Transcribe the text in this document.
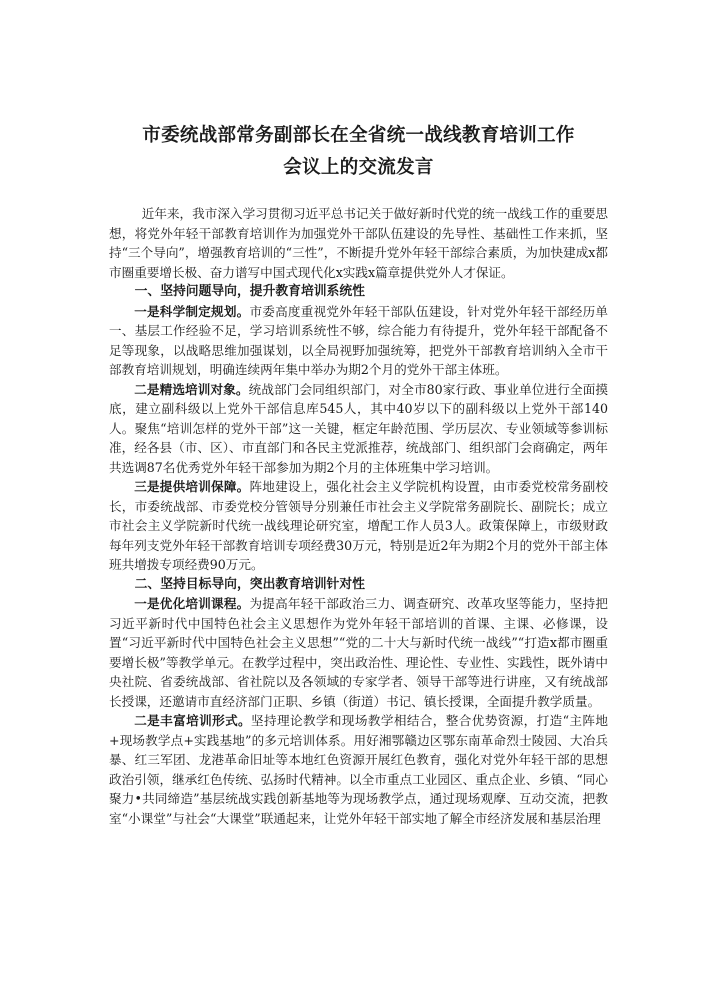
市委统战部常务副部长在全省统一战线教育培训工作
会议上的交流发言

近年来，我市深入学习贯彻习近平总书记关于做好新时代党的统一战线工作的重要思想，将党外年轻干部教育培训作为加强党外干部队伍建设的先导性、基础性工作来抓，坚持“三个导向”，增强教育培训的“三性”，不断提升党外年轻干部综合素质，为加快建成x都市圈重要增长极、奋力谱写中国式现代化x实践x篇章提供党外人才保证。

一、坚持问题导向，提升教育培训系统性

一是科学制定规划。市委高度重视党外年轻干部队伍建设，针对党外年轻干部经历单一、基层工作经验不足，学习培训系统性不够，综合能力有待提升，党外年轻干部配备不足等现象，以战略思维加强谋划，以全局视野加强统筹，把党外干部教育培训纳入全市干部教育培训规划，明确连续两年集中举办为期2个月的党外干部主体班。

二是精选培训对象。统战部门会同组织部门，对全市80家行政、事业单位进行全面摸底，建立副科级以上党外干部信息库545人，其中40岁以下的副科级以上党外干部140人。聚焦“培训怎样的党外干部”这一关键，框定年龄范围、学历层次、专业领域等参训标准，经各县（市、区）、市直部门和各民主党派推荐，统战部门、组织部门会商确定，两年共选调87名优秀党外年轻干部参加为期2个月的主体班集中学习培训。

三是提供培训保障。阵地建设上，强化社会主义学院机构设置，由市委党校常务副校长，市委统战部、市委党校分管领导分别兼任市社会主义学院常务副院长、副院长；成立市社会主义学院新时代统一战线理论研究室，增配工作人员3人。政策保障上，市级财政每年列支党外年轻干部教育培训专项经费30万元，特别是近2年为期2个月的党外干部主体班共增拨专项经费90万元。

二、坚持目标导向，突出教育培训针对性

一是优化培训课程。为提高年轻干部政治三力、调查研究、改革攻坚等能力，坚持把习近平新时代中国特色社会主义思想作为党外年轻干部培训的首课、主课、必修课，设置“习近平新时代中国特色社会主义思想”“党的二十大与新时代统一战线”“打造x都市圈重要增长极”等教学单元。在教学过程中，突出政治性、理论性、专业性、实践性，既外请中央社院、省委统战部、省社院以及各领域的专家学者、领导干部等进行讲座，又有统战部长授课，还邀请市直经济部门正职、乡镇（街道）书记、镇长授课，全面提升教学质量。

二是丰富培训形式。坚持理论教学和现场教学相结合，整合优势资源，打造“主阵地+现场教学点+实践基地”的多元培训体系。用好湘鄂赣边区鄂东南革命烈士陵园、大冶兵暴、红三军团、龙港革命旧址等本地红色资源开展红色教育，强化对党外年轻干部的思想政治引领，继承红色传统、弘扬时代精神。以全市重点工业园区、重点企业、乡镇、“同心聚力•共同缔造”基层统战实践创新基地等为现场教学点，通过现场观摩、互动交流，把教室“小课堂”与社会“大课堂”联通起来，让党外年轻干部实地了解全市经济发展和基层治理
